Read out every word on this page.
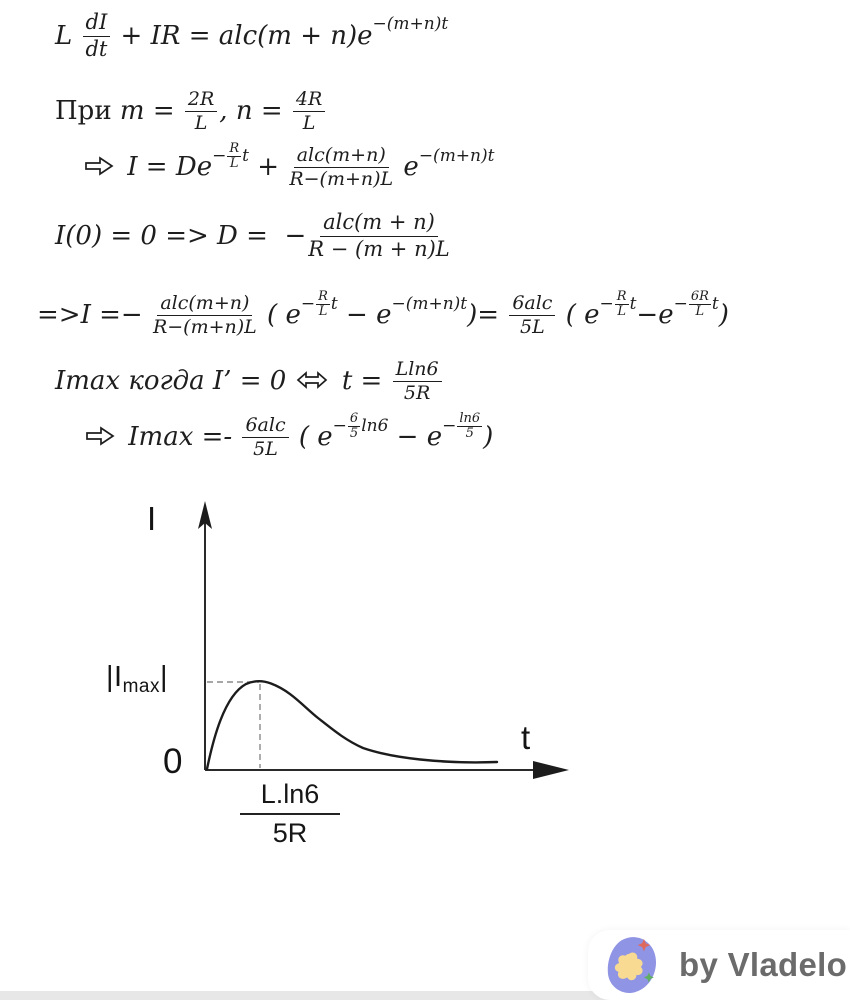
L $\frac{dI}{dt}$ + IR = alc(m + n)e −(m+n)t
При $m = \frac{2R}{L}$ , $n = \frac{4R}{L}$
$I = De - \frac{R}{L}$ $t + \frac{\text{alc(m+n)}}{R-(m+n)L}$ e −(m+n)t
I(0) = 0 => D =  − $\frac{\text{alc(m + n)}}{R - (m + n)L}$
$=>I =- \frac{\text{alc(m+n)}}{R-(m+n)L}$ ( $e - \frac{R}{L}$ t − e −(m+n)t )= $\frac{\text{6alc}}{5L}$ ( $e - \frac{R}{L}$ $t -e - \frac{6R}{L}$ t )
Imax когда I’ = 0 $t = \frac{Lln6}{5R}$
$Imax =- \frac{\text{6alc}}{5L}$ ( $e - \frac{6}{5} \ln 6 - e - \frac{\ln 6}{5}$ )
I
t
0
|Imax|
$\frac{L.\ln 6}{5R}$
by Vladelo
